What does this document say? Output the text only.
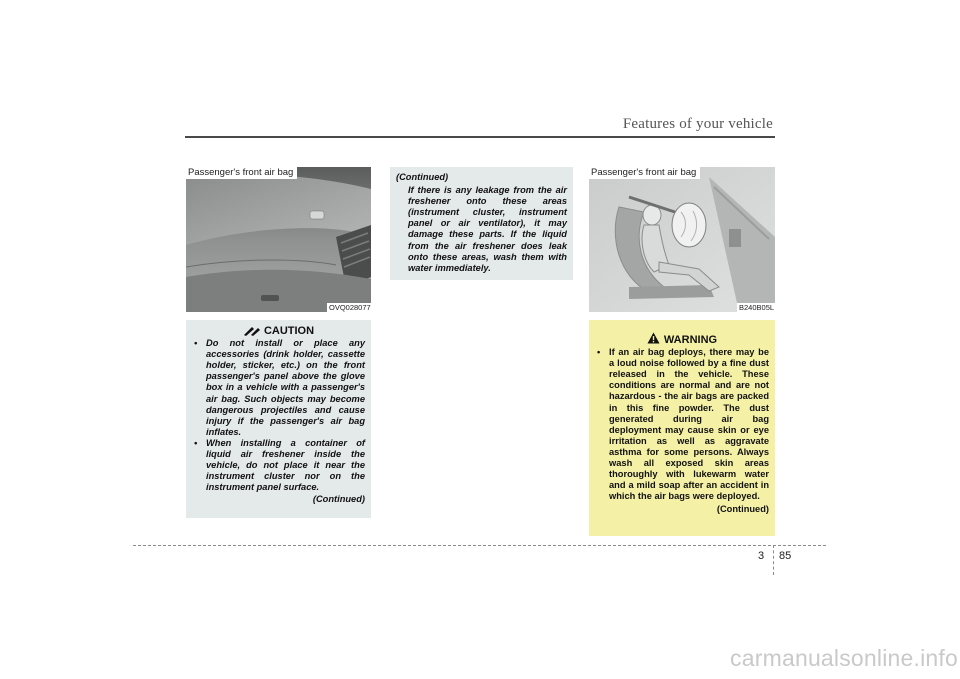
Features of your vehicle
Passenger's front air bag
OVQ028077
CAUTION
• Do not install or place any accessories (drink holder, cassette holder, sticker, etc.) on the front passenger's panel above the glove box in a vehicle with a passenger's air bag. Such objects may become dangerous projectiles and cause injury if the passenger's air bag inflates.
• When installing a container of liquid air freshener inside the vehicle, do not place it near the instrument cluster nor on the instrument panel surface.
(Continued)
(Continued)

If there is any leakage from the air freshener onto these areas (instrument cluster, instrument panel or air ventilator), it may damage these parts. If the liquid from the air freshener does leak onto these areas, wash them with water immediately.

Passenger's front air bag
B240B05L
WARNING
• If an air bag deploys, there may be a loud noise followed by a fine dust released in the vehicle. These conditions are normal and are not hazardous - the air bags are packed in this fine powder. The dust generated during air bag deployment may cause skin or eye irritation as well as aggravate asthma for some persons. Always wash all exposed skin areas thoroughly with lukewarm water and a mild soap after an accident in which the air bags were deployed.
(Continued)
3 85
carmanualsonline.info
